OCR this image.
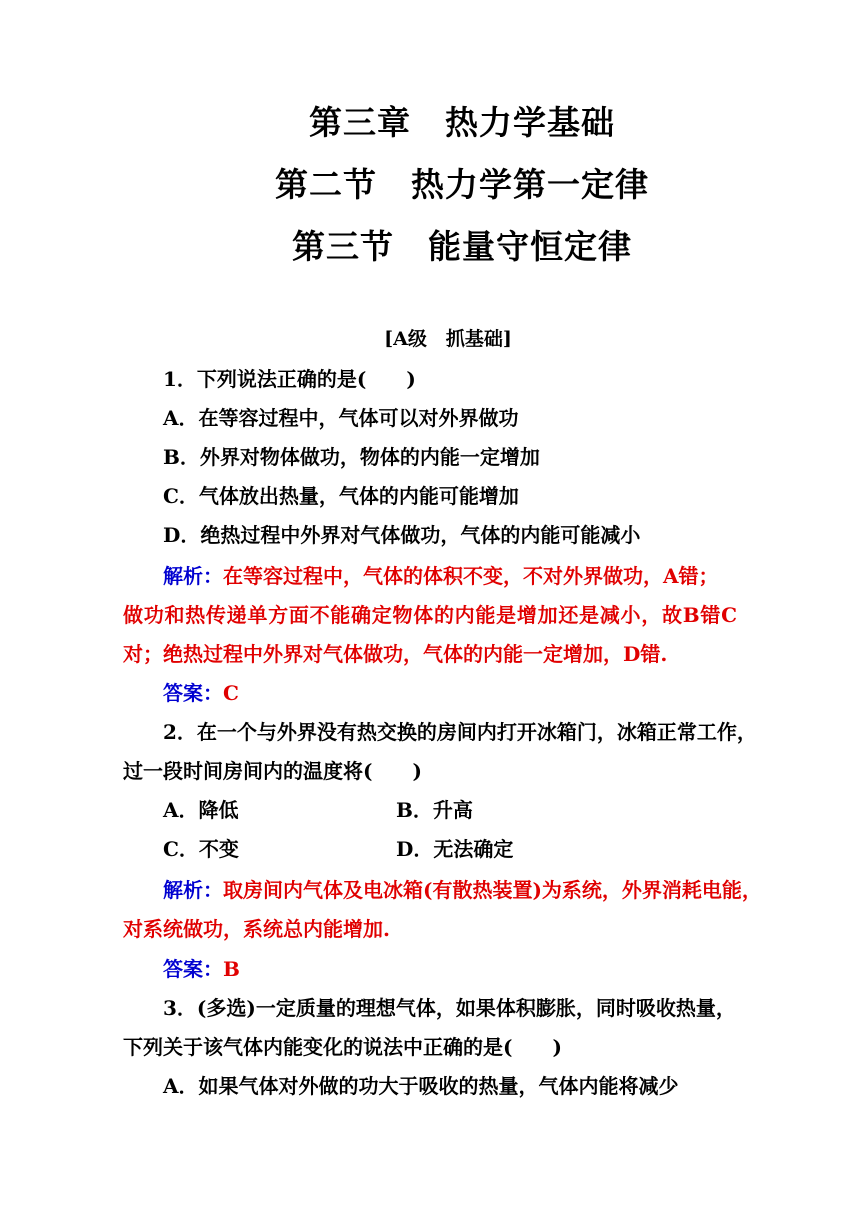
第三章　热力学基础
第二节　热力学第一定律
第三节　能量守恒定律
[A级　抓基础]
1．下列说法正确的是(　　)
A．在等容过程中，气体可以对外界做功
B．外界对物体做功，物体的内能一定增加
C．气体放出热量，气体的内能可能增加
D．绝热过程中外界对气体做功，气体的内能可能减小
解析：在等容过程中，气体的体积不变，不对外界做功，A错；
做功和热传递单方面不能确定物体的内能是增加还是减小，故B错C
对；绝热过程中外界对气体做功，气体的内能一定增加，D错.
答案：C
2．在一个与外界没有热交换的房间内打开冰箱门，冰箱正常工作，
过一段时间房间内的温度将(　　)
A．降低	B．升高
C．不变	D．无法确定
解析：取房间内气体及电冰箱(有散热装置)为系统，外界消耗电能，
对系统做功，系统总内能增加.
答案：B
3．(多选)一定质量的理想气体，如果体积膨胀，同时吸收热量，
下列关于该气体内能变化的说法中正确的是(　　)
A．如果气体对外做的功大于吸收的热量，气体内能将减少
